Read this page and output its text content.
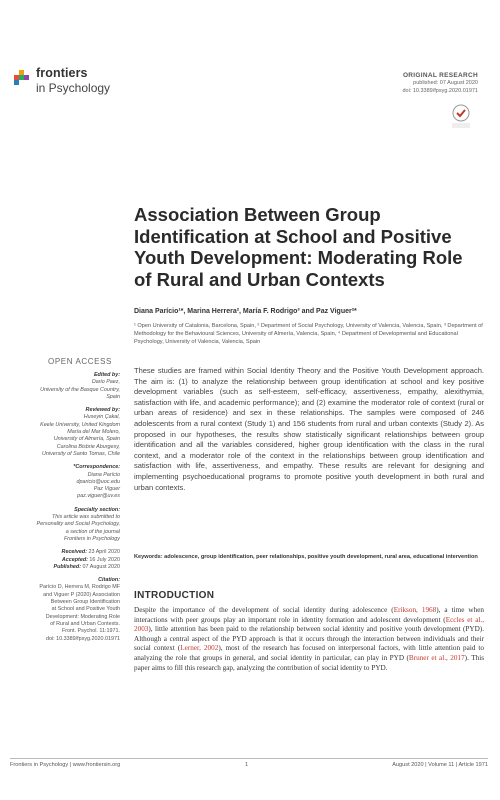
frontiers
in Psychology
ORIGINAL RESEARCH
published: 07 August 2020
doi: 10.3389/fpsyg.2020.01971
Association Between Group Identification at School and Positive Youth Development: Moderating Role of Rural and Urban Contexts
Diana Parício¹*, Marina Herrera², María F. Rodrigo³ and Paz Viguer²*
¹ Open University of Catalonia, Barcelona, Spain, ² Department of Social Psychology, University of Valencia, Valencia, Spain, ³ Department of Methodology for the Behavioural Sciences, University of Almería, Valencia, Spain, ⁴ Department of Developmental and Educational Psychology, University of Valencia, Valencia, Spain
OPEN ACCESS
Edited by:
Dario Paez,
University of the Basque Country,
Spain
Reviewed by:
Huseyin Çakal,
Keele University, United Kingdom
María del Mar Molero,
University of Almería, Spain
Carolina Bisbrie Aburgesy,
University of Santo Tomas, Chile
*Correspondence:
Diana Parício
dparicio@uoc.edu
Paz Viguer
paz.viguer@uv.es
Specialty section:
This article was submitted to
Personality and Social Psychology,
a section of the journal
Frontiers in Psychology
Received: 23 April 2020
Accepted: 16 July 2020
Published: 07 August 2020
Citation:
Parício D, Herrera M, Rodrigo MF
and Viguer P (2020) Association
Between Group Identification
at School and Positive Youth
Development: Moderating Role
of Rural and Urban Contexts.
Front. Psychol. 11:1971.
doi: 10.3389/fpsyg.2020.01971
These studies are framed within Social Identity Theory and the Positive Youth Development approach. The aim is: (1) to analyze the relationship between group identification at school and key positive development variables (such as self-esteem, self-efficacy, assertiveness, empathy, alexithymia, satisfaction with life, and academic performance); and (2) examine the moderator role of context (rural or urban areas of residence) and sex in these relationships. The samples were composed of 246 adolescents from a rural context (Study 1) and 156 students from rural and urban contexts (Study 2). As proposed in our hypotheses, the results show statistically significant relationships between group identification and all the variables considered, higher group identification with the class in the rural context, and a moderator role of the context in the relationships between group identification and satisfaction with life, assertiveness, and empathy. These results are relevant for designing and implementing psychoeducational programs to promote positive youth development in both rural and urban contexts.
Keywords: adolescence, group identification, peer relationships, positive youth development, rural area, educational intervention
INTRODUCTION
Despite the importance of the development of social identity during adolescence (Erikson, 1968), a time when interactions with peer groups play an important role in identity formation and adolescent development (Eccles et al., 2003), little attention has been paid to the relationship between social identity and positive youth development (PYD). Although a central aspect of the PYD approach is that it occurs through the interaction between individuals and their social context (Lerner, 2002), most of the research has focused on interpersonal factors, with little attention paid to analyzing the role that groups in general, and social identity in particular, can play in PYD (Bruner et al., 2017). This paper aims to fill this research gap, analyzing the contribution of social identity to PYD.
Frontiers in Psychology | www.frontiersin.org	1	August 2020 | Volume 11 | Article 1971
